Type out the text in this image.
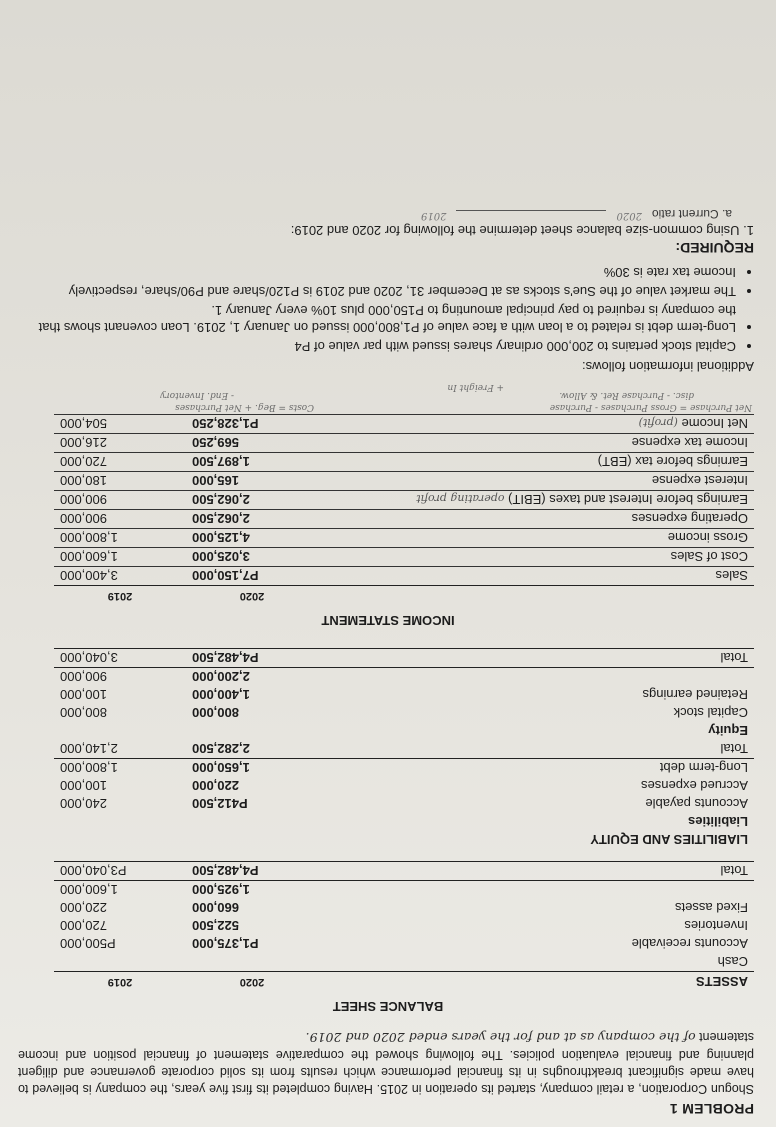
PROBLEM 1
Shogun Corporation, a retail company, started its operation in 2015. Having completed its first five years, the company is believed to have made significant breakthroughs in its financial performance which results from its solid corporate governance and diligent planning and financial evaluation policies. The following showed the comparative statement of financial position and income statement of the company as at and for the years ended 2020 and 2019.
BALANCE SHEET
ASSETS	2020	2019
Cash		
Accounts receivable	P1,375,000	P500,000
Inventories	522,500	720,000
Fixed assets	660,000	220,000
	1,925,000	1,600,000
Total	P4,482,500	P3,040,000

LIABILITIES AND EQUITY		
Liabilities		
Accounts payable	P412,500	240,000
Accrued expenses	220,000	100,000
Long-term debt	1,650,000	1,800,000
Total	2,282,500	2,140,000
Equity		
Capital stock	800,000	800,000
Retained earnings	1,400,000	100,000
	2,200,000	900,000
Total	P4,482,500	3,040,000
INCOME STATEMENT
	2020	2019
Sales	P7,150,000	3,400,000
Cost of Sales	3,025,000	1,600,000
Gross income	4,125,000	1,800,000
Operating expenses	2,062,500	900,000
Earnings before Interest and taxes (EBIT) operating profit	2,062,500	900,000
Interest expense	165,000	180,000
Earnings before tax (EBT)	1,897,500	720,000
Income tax expense	569,250	216,000
Net Income (profit)	P1,328,250	504,000
Net Purchase = Gross Purchases - Purchase
disc. - Purchase Ret. & Allow.
+ Freight In
Costs = Beg. + Net Purchases
- End. Inventory
Additional information follows:
• Capital stock pertains to 200,000 ordinary shares issued with par value of P4
• Long-term debt is related to a loan with a face value of P1,800,000 issued on January 1, 2019. Loan covenant shows that the company is required to pay principal amounting to P150,000 plus 10% every January 1.
• The market value of the Sue's stocks as at December 31, 2020 and 2019 is P120/share and P90/share, respectively
• Income tax rate is 30%
REQUIRED:
1. Using common-size balance sheet determine the following for 2020 and 2019:
a. Current ratio
2020
2019
